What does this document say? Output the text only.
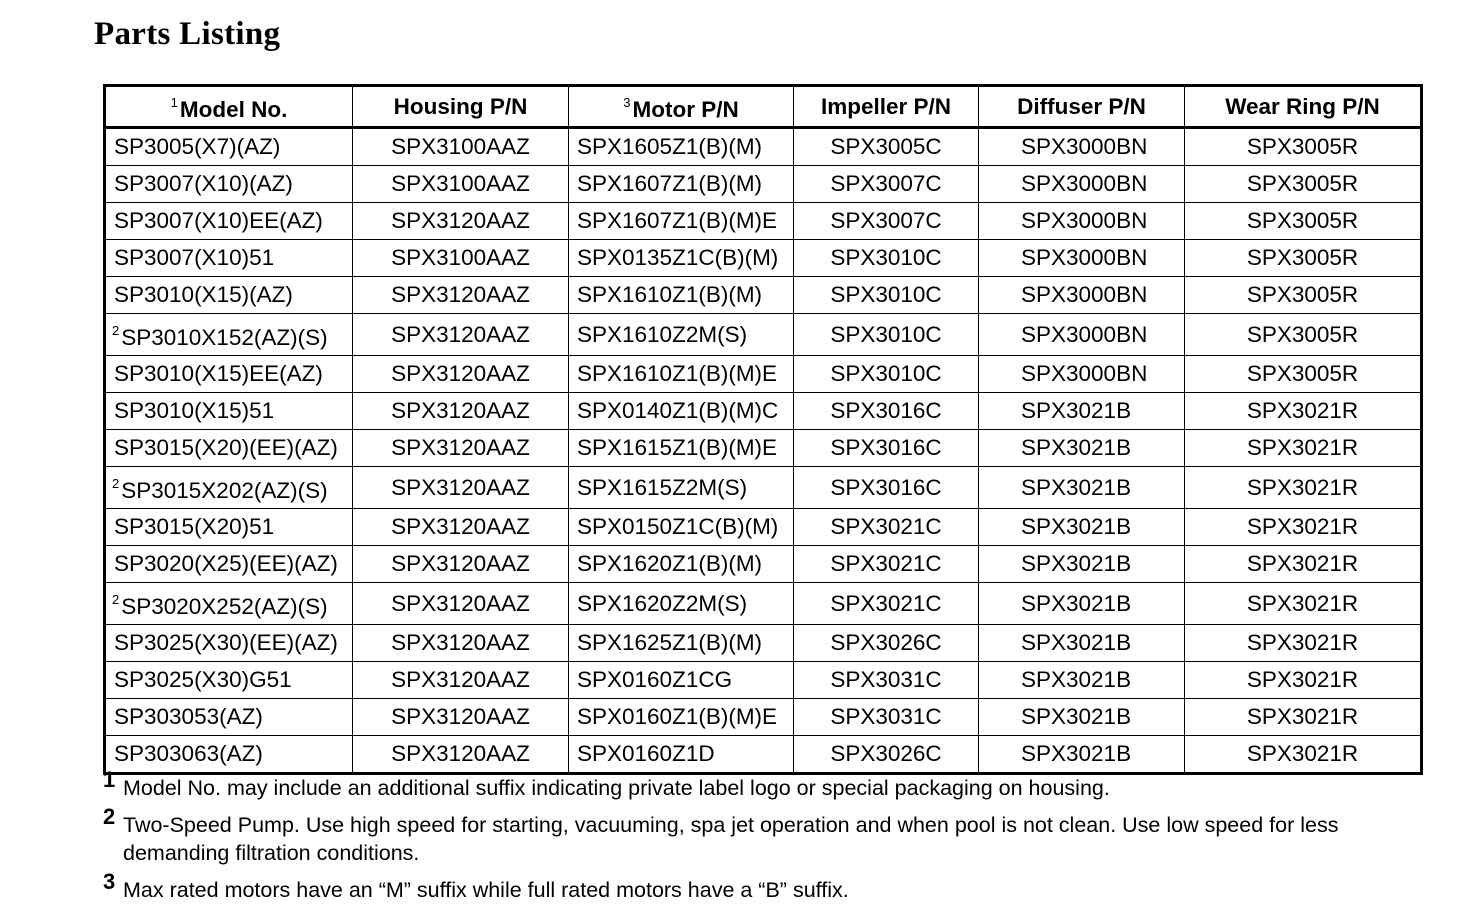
Parts Listing
$^1$Model No.	Housing P/N	$^3$Motor P/N	Impeller P/N	Diffuser P/N	Wear Ring P/N
SP3005(X7)(AZ)	SPX3100AAZ	SPX1605Z1(B)(M)	SPX3005C	SPX3000BN	SPX3005R
SP3007(X10)(AZ)	SPX3100AAZ	SPX1607Z1(B)(M)	SPX3007C	SPX3000BN	SPX3005R
SP3007(X10)EE(AZ)	SPX3120AAZ	SPX1607Z1(B)(M)E	SPX3007C	SPX3000BN	SPX3005R
SP3007(X10)51	SPX3100AAZ	SPX0135Z1C(B)(M)	SPX3010C	SPX3000BN	SPX3005R
SP3010(X15)(AZ)	SPX3120AAZ	SPX1610Z1(B)(M)	SPX3010C	SPX3000BN	SPX3005R
$^2$SP3010X152(AZ)(S)	SPX3120AAZ	SPX1610Z2M(S)	SPX3010C	SPX3000BN	SPX3005R
SP3010(X15)EE(AZ)	SPX3120AAZ	SPX1610Z1(B)(M)E	SPX3010C	SPX3000BN	SPX3005R
SP3010(X15)51	SPX3120AAZ	SPX0140Z1(B)(M)C	SPX3016C	SPX3021B	SPX3021R
SP3015(X20)(EE)(AZ)	SPX3120AAZ	SPX1615Z1(B)(M)E	SPX3016C	SPX3021B	SPX3021R
$^2$SP3015X202(AZ)(S)	SPX3120AAZ	SPX1615Z2M(S)	SPX3016C	SPX3021B	SPX3021R
SP3015(X20)51	SPX3120AAZ	SPX0150Z1C(B)(M)	SPX3021C	SPX3021B	SPX3021R
SP3020(X25)(EE)(AZ)	SPX3120AAZ	SPX1620Z1(B)(M)	SPX3021C	SPX3021B	SPX3021R
$^2$SP3020X252(AZ)(S)	SPX3120AAZ	SPX1620Z2M(S)	SPX3021C	SPX3021B	SPX3021R
SP3025(X30)(EE)(AZ)	SPX3120AAZ	SPX1625Z1(B)(M)	SPX3026C	SPX3021B	SPX3021R
SP3025(X30)G51	SPX3120AAZ	SPX0160Z1CG	SPX3031C	SPX3021B	SPX3021R
SP303053(AZ)	SPX3120AAZ	SPX0160Z1(B)(M)E	SPX3031C	SPX3021B	SPX3021R
SP303063(AZ)	SPX3120AAZ	SPX0160Z1D	SPX3026C	SPX3021B	SPX3021R
1 Model No. may include an additional suffix indicating private label logo or special packaging on housing.
2 Two-Speed Pump. Use high speed for starting, vacuuming, spa jet operation and when pool is not clean. Use low speed for less demanding filtration conditions.
3 Max rated motors have an “M” suffix while full rated motors have a “B” suffix.
